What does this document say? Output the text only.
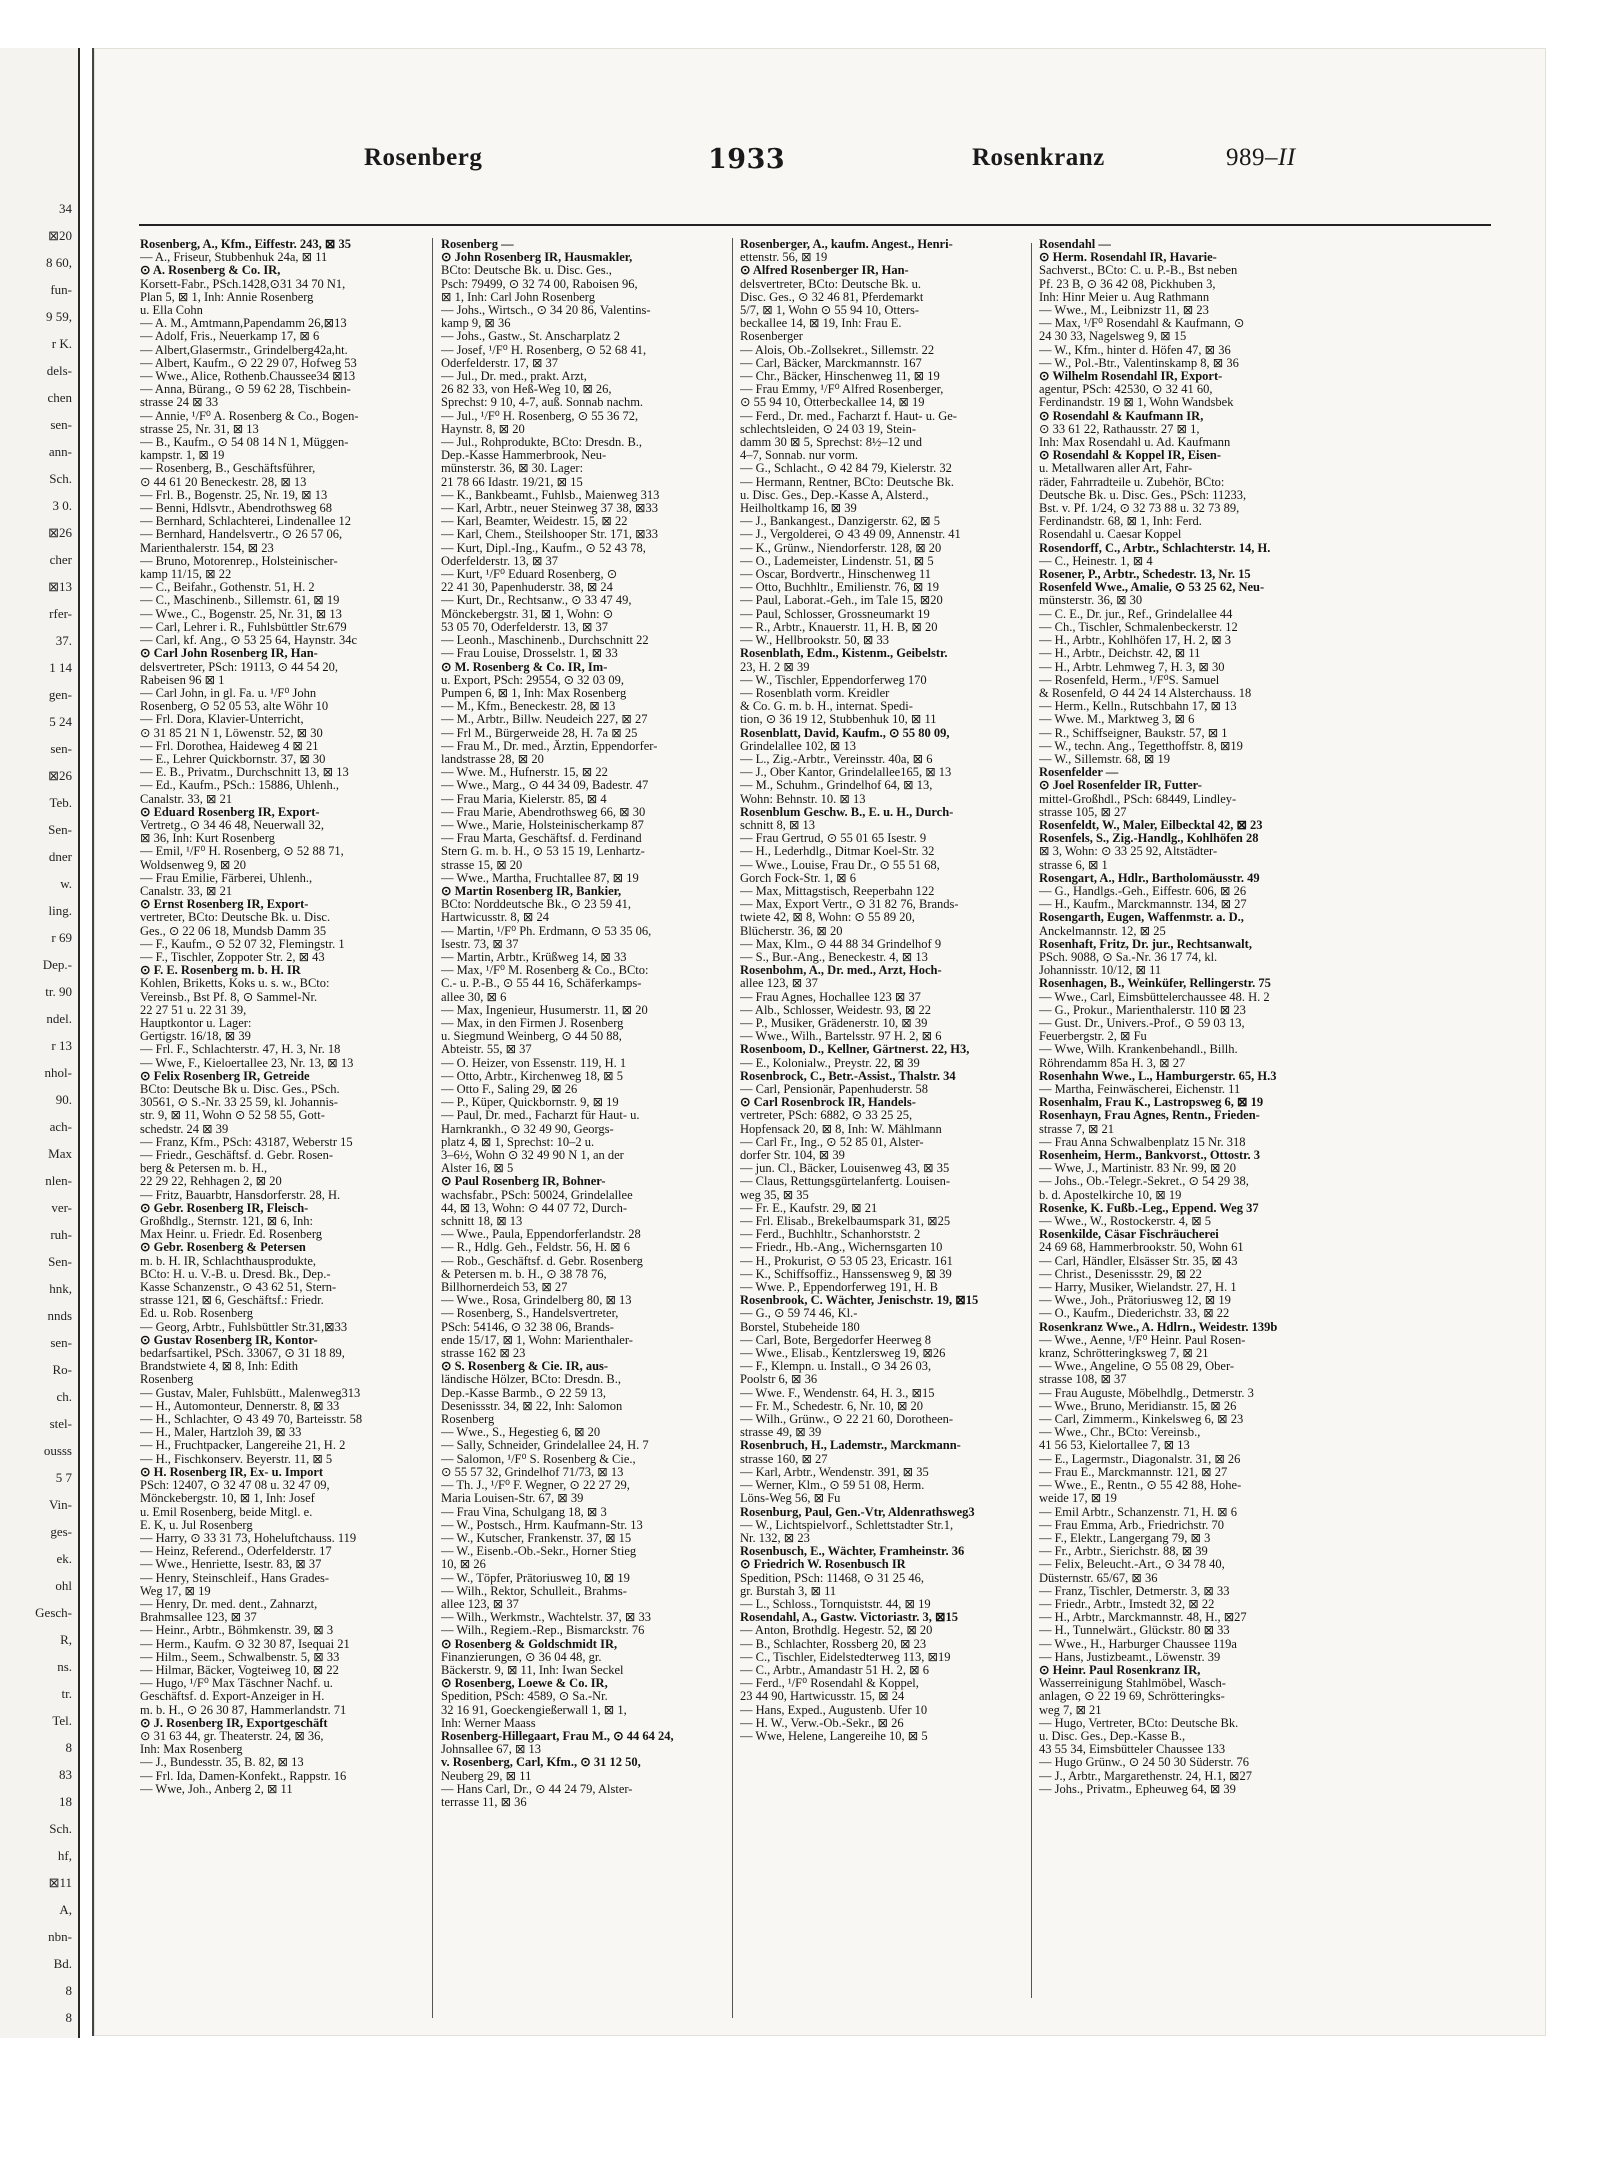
34
⊠20
8 60,
fun-
9 59,
r K.
dels-
chen
sen-
ann-
Sch.
3 0.
⊠26
cher
⊠13
rfer-
37.
1 14
gen-
5 24
sen-
⊠26
Teb.
Sen-
dner
w.
ling.
r 69
Dep.-
tr. 90
ndel.
r 13
nhol-
90.
ach-
Max
nlen-
ver-
ruh-
Sen-
hnk,
nnds
sen-
Ro-
ch.
stel-
ousss
5 7
Vin-
ges-
ek.
ohl
Gesch-
R,
ns.
tr.
Tel.
8
83
18
Sch.
hf,
⊠11
A,
nbn-
Bd.
8
8
Rosenberg	1933	Rosenkranz	989–II
Rosenberg, A., Kfm., Eiffestr. 243, ⊠ 35
— A., Friseur, Stubbenhuk 24a, ⊠ 11
⊙ A. Rosenberg & Co. IR,
Korsett-Fabr., PSch.1428,⊙31 34 70 N1,
Plan 5, ⊠ 1, Inh: Annie Rosenberg
u. Ella Cohn
— A. M., Amtmann,Papendamm 26,⊠13
— Adolf, Fris., Neuerkamp 17, ⊠ 6
— Albert,Glasermstr., Grindelberg42a,ht.
— Albert, Kaufm., ⊙ 22 29 07, Hofweg 53
— Wwe., Alice, Rothenb.Chaussee34 ⊠13
— Anna, Bürang., ⊙ 59 62 28, Tischbein-
strasse 24 ⊠ 33
— Annie, ¹/F⁰ A. Rosenberg & Co., Bogen-
strasse 25, Nr. 31, ⊠ 13
— B., Kaufm., ⊙ 54 08 14 N 1, Müggen-
kampstr. 1, ⊠ 19
— Rosenberg, B., Geschäftsführer,
⊙ 44 61 20 Beneckestr. 28, ⊠ 13
— Frl. B., Bogenstr. 25, Nr. 19, ⊠ 13
— Benni, Hdlsvtr., Abendrothsweg 68
— Bernhard, Schlachterei, Lindenallee 12
— Bernhard, Handelsvertr., ⊙ 26 57 06,
Marienthalerstr. 154, ⊠ 23
— Bruno, Motorenrep., Holsteinischer-
kamp 11/15, ⊠ 22
— C., Beifahr., Gothenstr. 51, H. 2
— C., Maschinenb., Sillemstr. 61, ⊠ 19
— Wwe., C., Bogenstr. 25, Nr. 31, ⊠ 13
— Carl, Lehrer i. R., Fuhlsbüttler Str.679
— Carl, kf. Ang., ⊙ 53 25 64, Haynstr. 34c
⊙ Carl John Rosenberg IR, Han-
delsvertreter, PSch: 19113, ⊙ 44 54 20,
Rabeisen 96 ⊠ 1
— Carl John, in gl. Fa. u. ¹/F⁰ John
Rosenberg, ⊙ 52 05 53, alte Wöhr 10
— Frl. Dora, Klavier-Unterricht,
⊙ 31 85 21 N 1, Löwenstr. 52, ⊠ 30
— Frl. Dorothea, Haideweg 4 ⊠ 21
— E., Lehrer Quickbornstr. 37, ⊠ 30
— E. B., Privatm., Durchschnitt 13, ⊠ 13
— Ed., Kaufm., PSch.: 15886, Uhlenh.,
Canalstr. 33, ⊠ 21
⊙ Eduard Rosenberg IR, Export-
Vertretg., ⊙ 34 46 48, Neuerwall 32,
⊠ 36, Inh: Kurt Rosenberg
— Emil, ¹/F⁰ H. Rosenberg, ⊙ 52 88 71,
Woldsenweg 9, ⊠ 20
— Frau Emilie, Färberei, Uhlenh.,
Canalstr. 33, ⊠ 21
⊙ Ernst Rosenberg IR, Export-
vertreter, BCto: Deutsche Bk. u. Disc.
Ges., ⊙ 22 06 18, Mundsb Damm 35
— F., Kaufm., ⊙ 52 07 32, Flemingstr. 1
— F., Tischler, Zoppoter Str. 2, ⊠ 43
⊙ F. E. Rosenberg m. b. H. IR
Kohlen, Briketts, Koks u. s. w., BCto:
Vereinsb., Bst Pf. 8, ⊙ Sammel-Nr.
22 27 51 u. 22 31 39,
Hauptkontor u. Lager:
Gertigstr. 16/18, ⊠ 39
— Frl. F., Schlachterstr. 47, H. 3, Nr. 18
— Wwe, F., Kieloertallee 23, Nr. 13, ⊠ 13
⊙ Felix Rosenberg IR, Getreide
BCto: Deutsche Bk u. Disc. Ges., PSch.
30561, ⊙ S.-Nr. 33 25 59, kl. Johannis-
str. 9, ⊠ 11, Wohn ⊙ 52 58 55, Gott-
schedstr. 24 ⊠ 39
— Franz, Kfm., PSch: 43187, Weberstr 15
— Friedr., Geschäftsf. d. Gebr. Rosen-
berg & Petersen m. b. H.,
22 29 22, Rehhagen 2, ⊠ 20
— Fritz, Bauarbtr, Hansdorferstr. 28, H.
⊙ Gebr. Rosenberg IR, Fleisch-
Großhdlg., Sternstr. 121, ⊠ 6, Inh:
Max Heinr. u. Friedr. Ed. Rosenberg
⊙ Gebr. Rosenberg & Petersen
m. b. H. IR, Schlachthausprodukte,
BCto: H. u. V.-B. u. Dresd. Bk., Dep.-
Kasse Schanzenstr., ⊙ 43 62 51, Stern-
strasse 121, ⊠ 6, Geschäftsf.: Friedr.
Ed. u. Rob. Rosenberg
— Georg, Arbtr., Fuhlsbüttler Str.31,⊠33
⊙ Gustav Rosenberg IR, Kontor-
bedarfsartikel, PSch. 33067, ⊙ 31 18 89,
Brandstwiete 4, ⊠ 8, Inh: Edith
Rosenberg
— Gustav, Maler, Fuhlsbütt., Malenweg313
— H., Automonteur, Dennerstr. 8, ⊠ 33
— H., Schlachter, ⊙ 43 49 70, Barteisstr. 58
— H., Maler, Hartzloh 39, ⊠ 33
— H., Fruchtpacker, Langereihe 21, H. 2
— H., Fischkonserv. Beyerstr. 11, ⊠ 5
⊙ H. Rosenberg IR, Ex- u. Import
PSch: 12407, ⊙ 32 47 08 u. 32 47 09,
Mönckebergstr. 10, ⊠ 1, Inh: Josef
u. Emil Rosenberg, beide Mitgl. e.
E. K, u. Jul Rosenberg
— Harry, ⊙ 33 31 73, Hoheluftchauss. 119
— Heinz, Referend., Oderfelderstr. 17
— Wwe., Henriette, Isestr. 83, ⊠ 37
— Henry, Steinschleif., Hans Grades-
Weg 17, ⊠ 19
— Henry, Dr. med. dent., Zahnarzt,
Brahmsallee 123, ⊠ 37
— Heinr., Arbtr., Böhmkenstr. 39, ⊠ 3
— Herm., Kaufm. ⊙ 32 30 87, Isequai 21
— Hilm., Seem., Schwalbenstr. 5, ⊠ 33
— Hilmar, Bäcker, Vogteiweg 10, ⊠ 22
— Hugo, ¹/F⁰ Max Täschner Nachf. u.
Geschäftsf. d. Export-Anzeiger in H.
m. b. H., ⊙ 26 30 87, Hammerlandstr. 71
⊙ J. Rosenberg IR, Exportgeschäft
⊙ 31 63 44, gr. Theaterstr. 24, ⊠ 36,
Inh: Max Rosenberg
— J., Bundesstr. 35, B. 82, ⊠ 13
— Frl. Ida, Damen-Konfekt., Rappstr. 16
— Wwe, Joh., Anberg 2, ⊠ 11
Rosenberg —
⊙ John Rosenberg IR, Hausmakler,
BCto: Deutsche Bk. u. Disc. Ges.,
Psch: 79499, ⊙ 32 74 00, Raboisen 96,
⊠ 1, Inh: Carl John Rosenberg
— Johs., Wirtsch., ⊙ 34 20 86, Valentins-
kamp 9, ⊠ 36
— Johs., Gastw., St. Anscharplatz 2
— Josef, ¹/F⁰ H. Rosenberg, ⊙ 52 68 41,
Oderfelderstr. 17, ⊠ 37
— Jul., Dr. med., prakt. Arzt,
26 82 33, von Heß-Weg 10, ⊠ 26,
Sprechst: 9 10, 4-7, auß. Sonnab nachm.
— Jul., ¹/F⁰ H. Rosenberg, ⊙ 55 36 72,
Haynstr. 8, ⊠ 20
— Jul., Rohprodukte, BCto: Dresdn. B.,
Dep.-Kasse Hammerbrook, Neu-
münsterstr. 36, ⊠ 30. Lager:
21 78 66 Idastr. 19/21, ⊠ 15
— K., Bankbeamt., Fuhlsb., Maienweg 313
— Karl, Arbtr., neuer Steinweg 37 38, ⊠33
— Karl, Beamter, Weidestr. 15, ⊠ 22
— Karl, Chem., Steilshooper Str. 171, ⊠33
— Kurt, Dipl.-Ing., Kaufm., ⊙ 52 43 78,
Oderfelderstr. 13, ⊠ 37
— Kurt, ¹/F⁰ Eduard Rosenberg, ⊙
22 41 30, Papenhuderstr. 38, ⊠ 24
— Kurt, Dr., Rechtsanw., ⊙ 33 47 49,
Mönckebergstr. 31, ⊠ 1, Wohn: ⊙
53 05 70, Oderfelderstr. 13, ⊠ 37
— Leonh., Maschinenb., Durchschnitt 22
— Frau Louise, Drosselstr. 1, ⊠ 33
⊙ M. Rosenberg & Co. IR, Im-
u. Export, PSch: 29554, ⊙ 32 03 09,
Pumpen 6, ⊠ 1, Inh: Max Rosenberg
— M., Kfm., Beneckestr. 28, ⊠ 13
— M., Arbtr., Billw. Neudeich 227, ⊠ 27
— Frl M., Bürgerweide 28, H. 7a ⊠ 25
— Frau M., Dr. med., Ärztin, Eppendorfer-
landstrasse 28, ⊠ 20
— Wwe. M., Hufnerstr. 15, ⊠ 22
— Wwe., Marg., ⊙ 44 34 09, Badestr. 47
— Frau Maria, Kielerstr. 85, ⊠ 4
— Frau Marie, Abendrothsweg 66, ⊠ 30
— Wwe., Marie, Holsteinischerkamp 87
— Frau Marta, Geschäftsf. d. Ferdinand
Stern G. m. b. H., ⊙ 53 15 19, Lenhartz-
strasse 15, ⊠ 20
— Wwe., Martha, Fruchtallee 87, ⊠ 19
⊙ Martin Rosenberg IR, Bankier,
BCto: Norddeutsche Bk., ⊙ 23 59 41,
Hartwicusstr. 8, ⊠ 24
— Martin, ¹/F⁰ Ph. Erdmann, ⊙ 53 35 06,
Isestr. 73, ⊠ 37
— Martin, Arbtr., Krüßweg 14, ⊠ 33
— Max, ¹/F⁰ M. Rosenberg & Co., BCto:
C.- u. P.-B., ⊙ 55 44 16, Schäferkamps-
allee 30, ⊠ 6
— Max, Ingenieur, Husumerstr. 11, ⊠ 20
— Max, in den Firmen J. Rosenberg
u. Siegmund Weinberg, ⊙ 44 50 88,
Abteistr. 55, ⊠ 37
— O. Heizer, von Essenstr. 119, H. 1
— Otto, Arbtr., Kirchenweg 18, ⊠ 5
— Otto F., Saling 29, ⊠ 26
— P., Küper, Quickbornstr. 9, ⊠ 19
— Paul, Dr. med., Facharzt für Haut- u.
Harnkrankh., ⊙ 32 49 90, Georgs-
platz 4, ⊠ 1, Sprechst: 10–2 u.
3–6½, Wohn ⊙ 32 49 90 N 1, an der
Alster 16, ⊠ 5
⊙ Paul Rosenberg IR, Bohner-
wachsfabr., PSch: 50024, Grindelallee
44, ⊠ 13, Wohn: ⊙ 44 07 72, Durch-
schnitt 18, ⊠ 13
— Wwe., Paula, Eppendorferlandstr. 28
— R., Hdlg. Geh., Feldstr. 56, H. ⊠ 6
— Rob., Geschäftsf. d. Gebr. Rosenberg
& Petersen m. b. H., ⊙ 38 78 76,
Billhornerdeich 53, ⊠ 27
— Wwe., Rosa, Grindelberg 80, ⊠ 13
— Rosenberg, S., Handelsvertreter,
PSch: 54146, ⊙ 32 38 06, Brands-
ende 15/17, ⊠ 1, Wohn: Marienthaler-
strasse 162 ⊠ 23
⊙ S. Rosenberg & Cie. IR, aus-
ländische Hölzer, BCto: Dresdn. B.,
Dep.-Kasse Barmb., ⊙ 22 59 13,
Desenissstr. 34, ⊠ 22, Inh: Salomon
Rosenberg
— Wwe., S., Hegestieg 6, ⊠ 20
— Sally, Schneider, Grindelallee 24, H. 7
— Salomon, ¹/F⁰ S. Rosenberg & Cie.,
⊙ 55 57 32, Grindelhof 71/73, ⊠ 13
— Th. J., ¹/F⁰ F. Wegner, ⊙ 22 27 29,
Maria Louisen-Str. 67, ⊠ 39
— Frau Vina, Schulgang 18, ⊠ 3
— W., Postsch., Hrm. Kaufmann-Str. 13
— W., Kutscher, Frankenstr. 37, ⊠ 15
— W., Eisenb.-Ob.-Sekr., Horner Stieg
10, ⊠ 26
— W., Töpfer, Prätoriusweg 10, ⊠ 19
— Wilh., Rektor, Schulleit., Brahms-
allee 123, ⊠ 37
— Wilh., Werkmstr., Wachtelstr. 37, ⊠ 33
— Wilh., Regiem.-Rep., Bismarckstr. 76
⊙ Rosenberg & Goldschmidt IR,
Finanzierungen, ⊙ 36 04 48, gr.
Bäckerstr. 9, ⊠ 11, Inh: Iwan Seckel
⊙ Rosenberg, Loewe & Co. IR,
Spedition, PSch: 4589, ⊙ Sa.-Nr.
32 16 91, Goeckengießerwall 1, ⊠ 1,
Inh: Werner Maass
Rosenberg-Hillegaart, Frau M., ⊙ 44 64 24,
Johnsallee 67, ⊠ 13
v. Rosenberg, Carl, Kfm., ⊙ 31 12 50,
Neuberg 29, ⊠ 11
— Hans Carl, Dr., ⊙ 44 24 79, Alster-
terrasse 11, ⊠ 36
Rosenberger, A., kaufm. Angest., Henri-
ettenstr. 56, ⊠ 19
⊙ Alfred Rosenberger IR, Han-
delsvertreter, BCto: Deutsche Bk. u.
Disc. Ges., ⊙ 32 46 81, Pferdemarkt
5/7, ⊠ 1, Wohn ⊙ 55 94 10, Otters-
beckallee 14, ⊠ 19, Inh: Frau E.
Rosenberger
— Alois, Ob.-Zollsekret., Sillemstr. 22
— Carl, Bäcker, Marckmannstr. 167
— Chr., Bäcker, Hinschenweg 11, ⊠ 19
— Frau Emmy, ¹/F⁰ Alfred Rosenberger,
⊙ 55 94 10, Otterbeckallee 14, ⊠ 19
— Ferd., Dr. med., Facharzt f. Haut- u. Ge-
schlechtsleiden, ⊙ 24 03 19, Stein-
damm 30 ⊠ 5, Sprechst: 8½–12 und
4–7, Sonnab. nur vorm.
— G., Schlacht., ⊙ 42 84 79, Kielerstr. 32
— Hermann, Rentner, BCto: Deutsche Bk.
u. Disc. Ges., Dep.-Kasse A, Alsterd.,
Heilholtkamp 16, ⊠ 39
— J., Bankangest., Danzigerstr. 62, ⊠ 5
— J., Vergolderei, ⊙ 43 49 09, Annenstr. 41
— K., Grünw., Niendorferstr. 128, ⊠ 20
— O., Lademeister, Lindenstr. 51, ⊠ 5
— Oscar, Bordvertr., Hinschenweg 11
— Otto, Buchhltr., Emilienstr. 76, ⊠ 19
— Paul, Laborat.-Geh., im Tale 15, ⊠20
— Paul, Schlosser, Grossneumarkt 19
— R., Arbtr., Knauerstr. 11, H. B, ⊠ 20
— W., Hellbrookstr. 50, ⊠ 33
Rosenblath, Edm., Kistenm., Geibelstr.
23, H. 2 ⊠ 39
— W., Tischler, Eppendorferweg 170
— Rosenblath vorm. Kreidler
& Co. G. m. b. H., internat. Spedi-
tion, ⊙ 36 19 12, Stubbenhuk 10, ⊠ 11
Rosenblatt, David, Kaufm., ⊙ 55 80 09,
Grindelallee 102, ⊠ 13
— L., Zig.-Arbtr., Vereinsstr. 40a, ⊠ 6
— J., Ober Kantor, Grindelallee165, ⊠ 13
— M., Schuhm., Grindelhof 64, ⊠ 13,
Wohn: Behnstr. 10. ⊠ 13
Rosenblum Geschw. B., E. u. H., Durch-
schnitt 8, ⊠ 13
— Frau Gertrud, ⊙ 55 01 65 Isestr. 9
— H., Lederhdlg., Ditmar Koel-Str. 32
— Wwe., Louise, Frau Dr., ⊙ 55 51 68,
Gorch Fock-Str. 1, ⊠ 6
— Max, Mittagstisch, Reeperbahn 122
— Max, Export Vertr., ⊙ 31 82 76, Brands-
twiete 42, ⊠ 8, Wohn: ⊙ 55 89 20,
Blücherstr. 36, ⊠ 20
— Max, Klm., ⊙ 44 88 34 Grindelhof 9
— S., Bur.-Ang., Beneckestr. 4, ⊠ 13
Rosenbohm, A., Dr. med., Arzt, Hoch-
allee 123, ⊠ 37
— Frau Agnes, Hochallee 123 ⊠ 37
— Alb., Schlosser, Weidestr. 93, ⊠ 22
— P., Musiker, Grädenerstr. 10, ⊠ 39
— Wwe., Wilh., Bartelsstr. 97 H. 2, ⊠ 6
Rosenboom, D., Kellner, Gärtnerst. 22, H3,
— E., Kolonialw., Preystr. 22, ⊠ 39
Rosenbrock, C., Betr.-Assist., Thalstr. 34
— Carl, Pensionär, Papenhuderstr. 58
⊙ Carl Rosenbrock IR, Handels-
vertreter, PSch: 6882, ⊙ 33 25 25,
Hopfensack 20, ⊠ 8, Inh: W. Mählmann
— Carl Fr., Ing., ⊙ 52 85 01, Alster-
dorfer Str. 104, ⊠ 39
— jun. Cl., Bäcker, Louisenweg 43, ⊠ 35
— Claus, Rettungsgürtelanfertg. Louisen-
weg 35, ⊠ 35
— Fr. E., Kaufstr. 29, ⊠ 21
— Frl. Elisab., Brekelbaumspark 31, ⊠25
— Ferd., Buchhltr., Schanhorststr. 2
— Friedr., Hb.-Ang., Wichernsgarten 10
— H., Prokurist, ⊙ 53 05 23, Ericastr. 161
— K., Schiffsoffiz., Hanssensweg 9, ⊠ 39
— Wwe. P., Eppendorferweg 191, H. B
Rosenbrook, C. Wächter, Jenischstr. 19, ⊠15
— G., ⊙ 59 74 46, Kl.-
Borstel, Stubeheide 180
— Carl, Bote, Bergedorfer Heerweg 8
— Wwe., Elisab., Kentzlersweg 19, ⊠26
— F., Klempn. u. Install., ⊙ 34 26 03,
Poolstr 6, ⊠ 36
— Wwe. F., Wendenstr. 64, H. 3., ⊠15
— Fr. M., Schedestr. 6, Nr. 10, ⊠ 20
— Wilh., Grünw., ⊙ 22 21 60, Dorotheen-
strasse 49, ⊠ 39
Rosenbruch, H., Lademstr., Marckmann-
strasse 160, ⊠ 27
— Karl, Arbtr., Wendenstr. 391, ⊠ 35
— Werner, Klm., ⊙ 59 51 08, Herm.
Löns-Weg 56, ⊠ Fu
Rosenburg, Paul, Gen.-Vtr, Aldenrathsweg3
— W., Lichtspielvorf., Schlettstadter Str.1,
Nr. 132, ⊠ 23
Rosenbusch, E., Wächter, Framheinstr. 36
⊙ Friedrich W. Rosenbusch IR
Spedition, PSch: 11468, ⊙ 31 25 46,
gr. Burstah 3, ⊠ 11
— L., Schloss., Tornquiststr. 44, ⊠ 19
Rosendahl, A., Gastw. Victoriastr. 3, ⊠15
— Anton, Brothdlg. Hegestr. 52, ⊠ 20
— B., Schlachter, Rossberg 20, ⊠ 23
— C., Tischler, Eidelstedterweg 113, ⊠19
— C., Arbtr., Amandastr 51 H. 2, ⊠ 6
— Ferd., ¹/F⁰ Rosendahl & Koppel,
23 44 90, Hartwicusstr. 15, ⊠ 24
— Hans, Exped., Augustenb. Ufer 10
— H. W., Verw.-Ob.-Sekr., ⊠ 26
— Wwe, Helene, Langereihe 10, ⊠ 5
Rosendahl —
⊙ Herm. Rosendahl IR, Havarie-
Sachverst., BCto: C. u. P.-B., Bst neben
Pf. 23 B, ⊙ 36 42 08, Pickhuben 3,
Inh: Hinr Meier u. Aug Rathmann
— Wwe., M., Leibnizstr 11, ⊠ 23
— Max, ¹/F⁰ Rosendahl & Kaufmann, ⊙
24 30 33, Nagelsweg 9, ⊠ 15
— W., Kfm., hinter d. Höfen 47, ⊠ 36
— W., Pol.-Btr., Valentinskamp 8, ⊠ 36
⊙ Wilhelm Rosendahl IR, Export-
agentur, PSch: 42530, ⊙ 32 41 60,
Ferdinandstr. 19 ⊠ 1, Wohn Wandsbek
⊙ Rosendahl & Kaufmann IR,
⊙ 33 61 22, Rathausstr. 27 ⊠ 1,
Inh: Max Rosendahl u. Ad. Kaufmann
⊙ Rosendahl & Koppel IR, Eisen-
u. Metallwaren aller Art, Fahr-
räder, Fahrradteile u. Zubehör, BCto:
Deutsche Bk. u. Disc. Ges., PSch: 11233,
Bst. v. Pf. 1/24, ⊙ 32 73 88 u. 32 73 89,
Ferdinandstr. 68, ⊠ 1, Inh: Ferd.
Rosendahl u. Caesar Koppel
Rosendorff, C., Arbtr., Schlachterstr. 14, H.
— C., Heinestr. 1, ⊠ 4
Rosener, P., Arbtr., Schedestr. 13, Nr. 15
Rosenfeld Wwe., Amalie, ⊙ 53 25 62, Neu-
münsterstr. 36, ⊠ 30
— C. E., Dr. jur., Ref., Grindelallee 44
— Ch., Tischler, Schmalenbeckerstr. 12
— H., Arbtr., Kohlhöfen 17, H. 2, ⊠ 3
— H., Arbtr., Deichstr. 42, ⊠ 11
— H., Arbtr. Lehmweg 7, H. 3, ⊠ 30
— Rosenfeld, Herm., ¹/F⁰S. Samuel
& Rosenfeld, ⊙ 44 24 14 Alsterchauss. 18
— Herm., Kelln., Rutschbahn 17, ⊠ 13
— Wwe. M., Marktweg 3, ⊠ 6
— R., Schiffseigner, Baukstr. 57, ⊠ 1
— W., techn. Ang., Tegetthoffstr. 8, ⊠19
— W., Sillemstr. 68, ⊠ 19
Rosenfelder —
⊙ Joel Rosenfelder IR, Futter-
mittel-Großhdl., PSch: 68449, Lindley-
strasse 105, ⊠ 27
Rosenfeldt, W., Maler, Eilbecktal 42, ⊠ 23
Rosenfels, S., Zig.-Handlg., Kohlhöfen 28
⊠ 3, Wohn: ⊙ 33 25 92, Altstädter-
strasse 6, ⊠ 1
Rosengart, A., Hdlr., Bartholomäusstr. 49
— G., Handlgs.-Geh., Eiffestr. 606, ⊠ 26
— H., Kaufm., Marckmannstr. 134, ⊠ 27
Rosengarth, Eugen, Waffenmstr. a. D.,
Anckelmannstr. 12, ⊠ 25
Rosenhaft, Fritz, Dr. jur., Rechtsanwalt,
PSch. 9088, ⊙ Sa.-Nr. 36 17 74, kl.
Johannisstr. 10/12, ⊠ 11
Rosenhagen, B., Weinküfer, Rellingerstr. 75
— Wwe., Carl, Eimsbüttelerchaussee 48. H. 2
— G., Prokur., Marienthalerstr. 110 ⊠ 23
— Gust. Dr., Univers.-Prof., ⊙ 59 03 13,
Feuerbergstr. 2, ⊠ Fu
— Wwe, Wilh. Krankenbehandl., Billh.
Röhrendamm 85a H. 3, ⊠ 27
Rosenhahn Wwe., L., Hamburgerstr. 65, H.3
— Martha, Feinwäscherei, Eichenstr. 11
Rosenhalm, Frau K., Lastropsweg 6, ⊠ 19
Rosenhayn, Frau Agnes, Rentn., Frieden-
strasse 7, ⊠ 21
— Frau Anna Schwalbenplatz 15 Nr. 318
Rosenheim, Herm., Bankvorst., Ottostr. 3
— Wwe, J., Martinistr. 83 Nr. 99, ⊠ 20
— Johs., Ob.-Telegr.-Sekret., ⊙ 54 29 38,
b. d. Apostelkirche 10, ⊠ 19
Rosenke, K. Fußb.-Leg., Eppend. Weg 37
— Wwe., W., Rostockerstr. 4, ⊠ 5
Rosenkilde, Cäsar Fischräucherei
24 69 68, Hammerbrookstr. 50, Wohn 61
— Carl, Händler, Elsässer Str. 35, ⊠ 43
— Christ., Desenissstr. 29, ⊠ 22
— Harry, Musiker, Wielandstr. 27, H. 1
— Wwe., Joh., Prätoriusweg 12, ⊠ 19
— O., Kaufm., Diederichstr. 33, ⊠ 22
Rosenkranz Wwe., A. Hdlrn., Weidestr. 139b
— Wwe., Aenne, ¹/F⁰ Heinr. Paul Rosen-
kranz, Schrötteringksweg 7, ⊠ 21
— Wwe., Angeline, ⊙ 55 08 29, Ober-
strasse 108, ⊠ 37
— Frau Auguste, Möbelhdlg., Detmerstr. 3
— Wwe., Bruno, Meridianstr. 15, ⊠ 26
— Carl, Zimmerm., Kinkelsweg 6, ⊠ 23
— Wwe., Chr., BCto: Vereinsb.,
41 56 53, Kielortallee 7, ⊠ 13
— E., Lagermstr., Diagonalstr. 31, ⊠ 26
— Frau E., Marckmannstr. 121, ⊠ 27
— Wwe., E., Rentn., ⊙ 55 42 88, Hohe-
weide 17, ⊠ 19
— Emil Arbtr., Schanzenstr. 71, H. ⊠ 6
— Frau Emma, Arb., Friedrichstr. 70
— F., Elektr., Langergang 79, ⊠ 3
— Fr., Arbtr., Sierichstr. 88, ⊠ 39
— Felix, Beleucht.-Art., ⊙ 34 78 40,
Düsternstr. 65/67, ⊠ 36
— Franz, Tischler, Detmerstr. 3, ⊠ 33
— Friedr., Arbtr., Imstedt 32, ⊠ 22
— H., Arbtr., Marckmannstr. 48, H., ⊠27
— H., Tunnelwärt., Glückstr. 80 ⊠ 33
— Wwe., H., Harburger Chaussee 119a
— Hans, Justizbeamt., Löwenstr. 39
⊙ Heinr. Paul Rosenkranz IR,
Wasserreinigung Stahlmöbel, Wasch-
anlagen, ⊙ 22 19 69, Schrötteringks-
weg 7, ⊠ 21
— Hugo, Vertreter, BCto: Deutsche Bk.
u. Disc. Ges., Dep.-Kasse B.,
43 55 34, Eimsbütteler Chaussee 133
— Hugo Grünw., ⊙ 24 50 30 Süderstr. 76
— J., Arbtr., Margarethenstr. 24, H.1, ⊠27
— Johs., Privatm., Epheuweg 64, ⊠ 39
